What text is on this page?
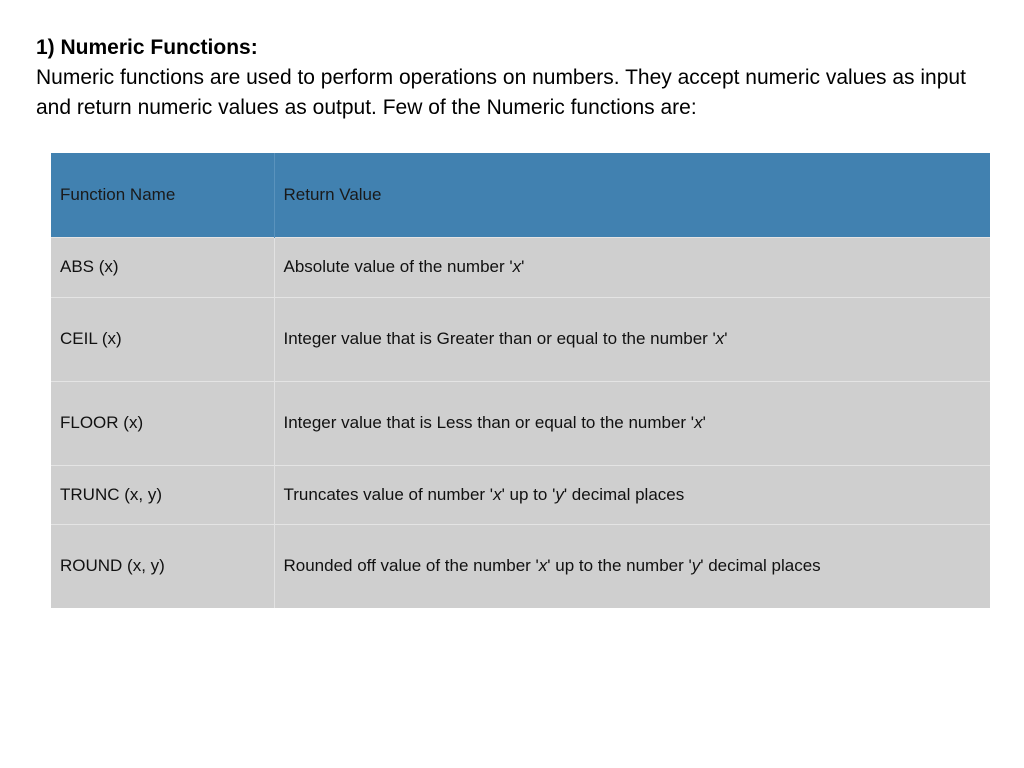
1) Numeric Functions:
Numeric functions are used to perform operations on numbers. They accept numeric values as input and return numeric values as output. Few of the Numeric functions are:
Function Name	Return Value
ABS (x)	Absolute value of the number 'x'
CEIL (x)	Integer value that is Greater than or equal to the number 'x'
FLOOR (x)	Integer value that is Less than or equal to the number 'x'
TRUNC (x, y)	Truncates value of number 'x' up to 'y' decimal places
ROUND (x, y)	Rounded off value of the number 'x' up to the number 'y' decimal places
